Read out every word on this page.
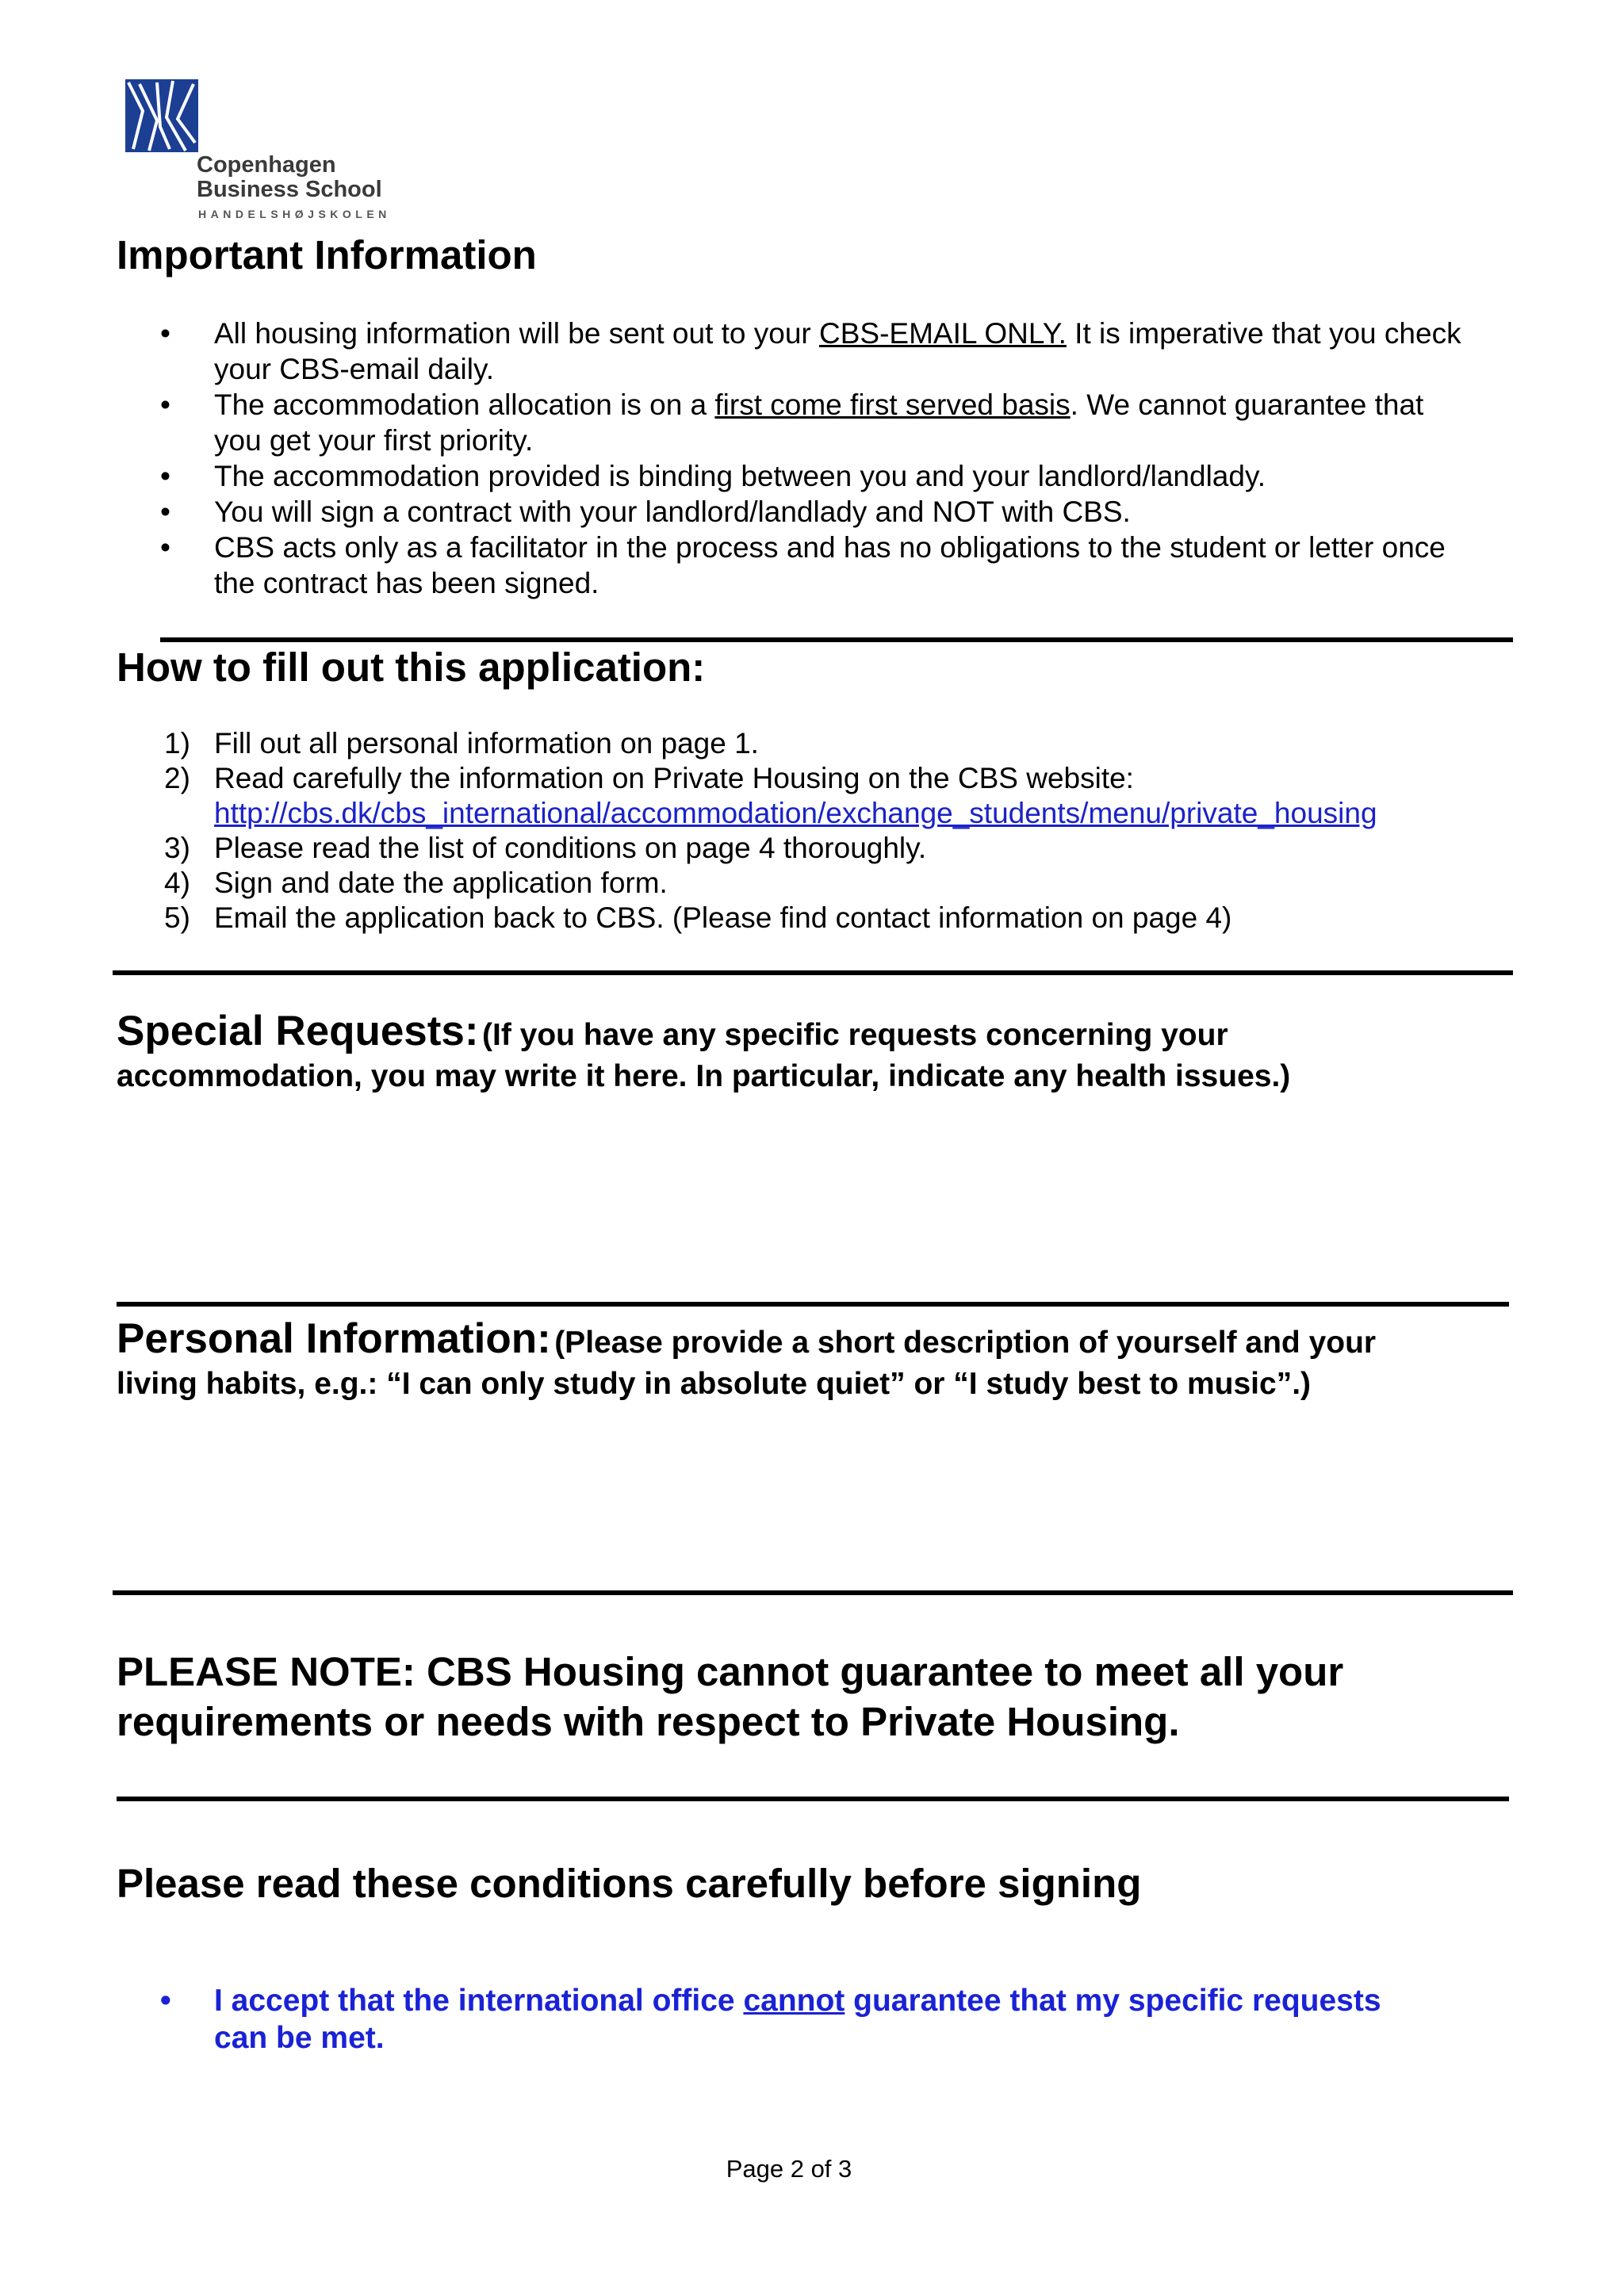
Copenhagen
Business School
HANDELSHØJSKOLEN
Important Information
• All housing information will be sent out to your CBS-EMAIL ONLY. It is imperative that you check
your CBS-email daily.
• The accommodation allocation is on a first come first served basis. We cannot guarantee that
you get your first priority.
• The accommodation provided is binding between you and your landlord/landlady.
• You will sign a contract with your landlord/landlady and NOT with CBS.
• CBS acts only as a facilitator in the process and has no obligations to the student or letter once
the contract has been signed.
How to fill out this application:
1) Fill out all personal information on page 1.
2) Read carefully the information on Private Housing on the CBS website:
http://cbs.dk/cbs_international/accommodation/exchange_students/menu/private_housing
3) Please read the list of conditions on page 4 thoroughly.
4) Sign and date the application form.
5) Email the application back to CBS. (Please find contact information on page 4)
Special Requests: (If you have any specific requests concerning your
accommodation, you may write it here. In particular, indicate any health issues.)
Personal Information: (Please provide a short description of yourself and your
living habits, e.g.: “I can only study in absolute quiet” or “I study best to music”.)
PLEASE NOTE: CBS Housing cannot guarantee to meet all your
requirements or needs with respect to Private Housing.
Please read these conditions carefully before signing
• I accept that the international office cannot guarantee that my specific requests
can be met.
Page 2 of 3
